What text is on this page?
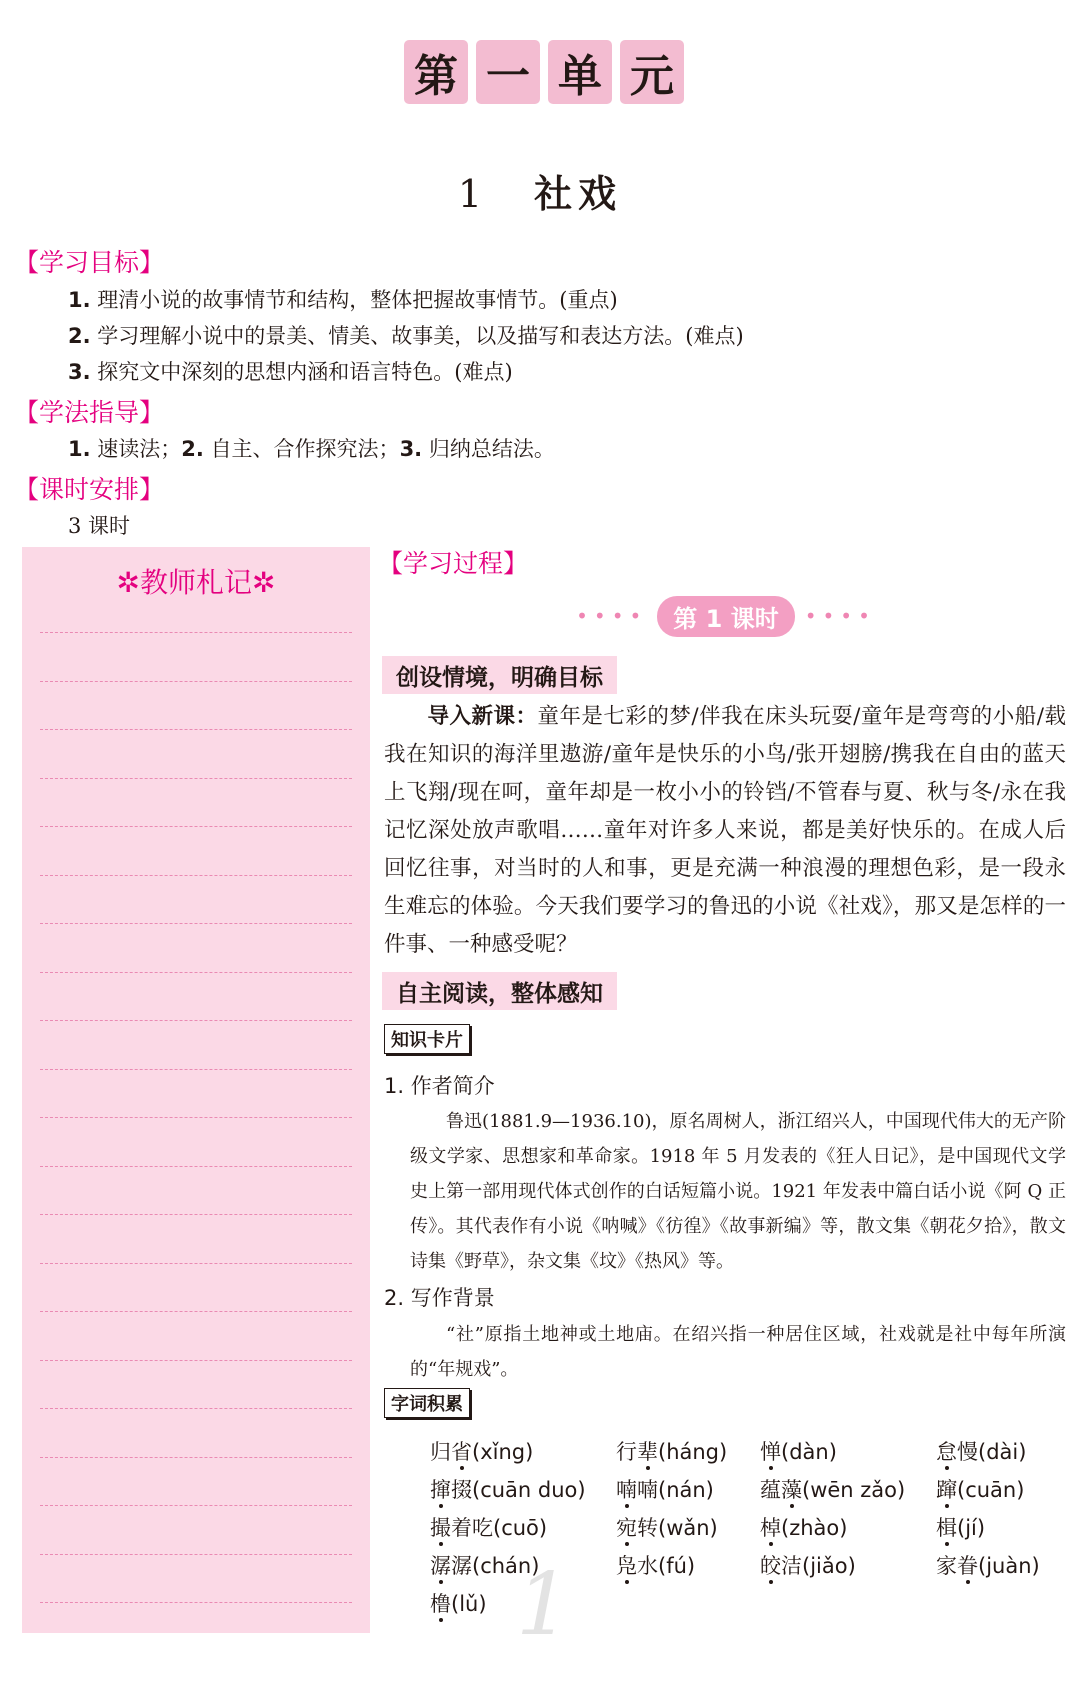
第 一 单 元
1 社戏
【学习目标】
1. 理清小说的故事情节和结构，整体把握故事情节。(重点)
2. 学习理解小说中的景美、情美、故事美，以及描写和表达方法。(难点)
3. 探究文中深刻的思想内涵和语言特色。(难点)
【学法指导】
1. 速读法；2. 自主、合作探究法；3. 归纳总结法。
【课时安排】
3 课时
✲教师札记✲
【学习过程】
••••	第 1 课时	••••
创设情境，明确目标
导入新课：童年是七彩的梦/伴我在床头玩耍/童年是弯弯的小船/载我在知识的海洋里遨游/童年是快乐的小鸟/张开翅膀/携我在自由的蓝天上飞翔/现在呵，童年却是一枚小小的铃铛/不管春与夏、秋与冬/永在我记忆深处放声歌唱……童年对许多人来说，都是美好快乐的。在成人后回忆往事，对当时的人和事，更是充满一种浪漫的理想色彩，是一段永生难忘的体验。今天我们要学习的鲁迅的小说《社戏》，那又是怎样的一件事、一种感受呢？
自主阅读，整体感知
知识卡片
1. 作者简介
鲁迅(1881.9—1936.10)，原名周树人，浙江绍兴人，中国现代伟大的无产阶级文学家、思想家和革命家。1918 年 5 月发表的《狂人日记》，是中国现代文学史上第一部用现代体式创作的白话短篇小说。1921 年发表中篇白话小说《阿 Q 正传》。其代表作有小说《呐喊》《彷徨》《故事新编》等，散文集《朝花夕拾》，散文诗集《野草》，杂文集《坟》《热风》等。
2. 写作背景
“社”原指土地神或土地庙。在绍兴指一种居住区域，社戏就是社中每年所演的“年规戏”。
字词积累
归省(xǐng)	行辈(háng) 惮(dàn)	怠慢(dài)
撺掇(cuān duo) 喃喃(nán) 蕴藻(wēn zǎo) 蹿(cuān)
撮着吃(cuō)	宛转(wǎn) 棹(zhào)	楫(jí)
潺潺(chán)	凫水(fú)	皎洁(jiǎo)	家眷(juàn)
橹(lǔ) 1
